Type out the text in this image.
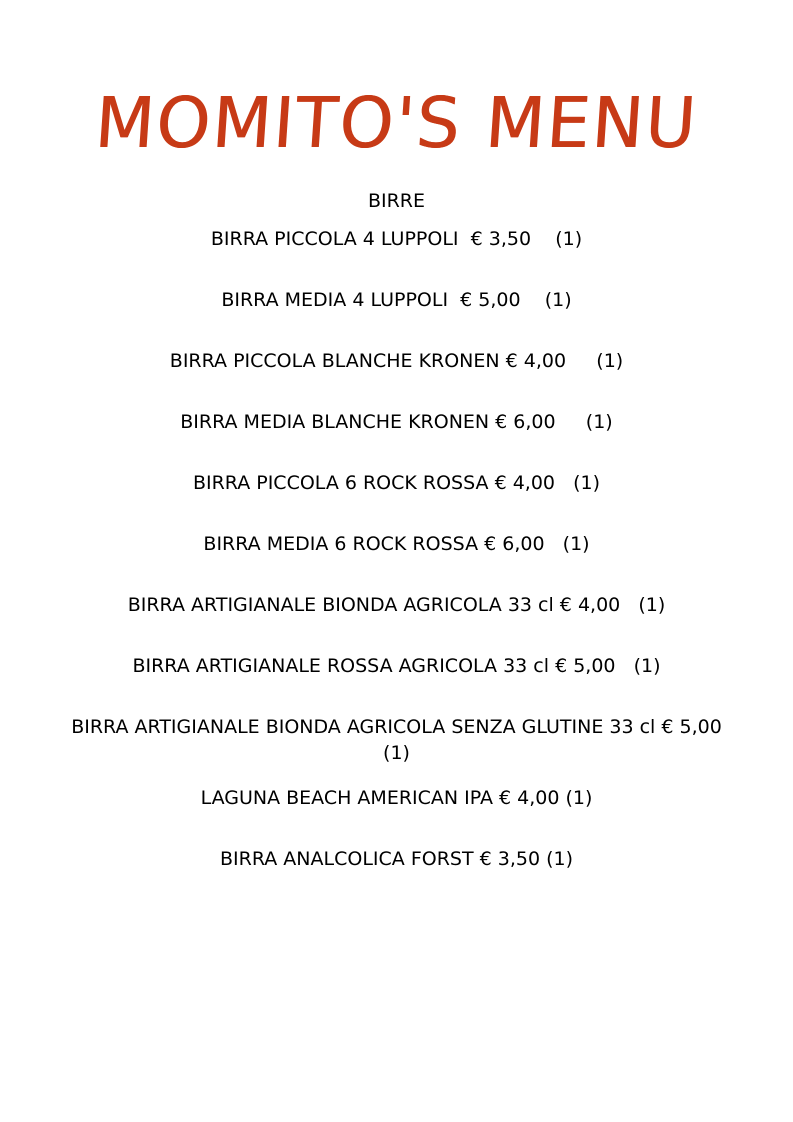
MOMITO'S MENU
BIRRE
BIRRA PICCOLA 4 LUPPOLI  € 3,50    (1)
BIRRA MEDIA 4 LUPPOLI  € 5,00    (1)
BIRRA PICCOLA BLANCHE KRONEN € 4,00     (1)
BIRRA MEDIA BLANCHE KRONEN € 6,00     (1)
BIRRA PICCOLA 6 ROCK ROSSA € 4,00   (1)
BIRRA MEDIA 6 ROCK ROSSA € 6,00   (1)
BIRRA ARTIGIANALE BIONDA AGRICOLA 33 cl € 4,00   (1)
BIRRA ARTIGIANALE ROSSA AGRICOLA 33 cl € 5,00   (1)
BIRRA ARTIGIANALE BIONDA AGRICOLA SENZA GLUTINE 33 cl € 5,00   (1)
LAGUNA BEACH AMERICAN IPA € 4,00 (1)
BIRRA ANALCOLICA FORST € 3,50 (1)
